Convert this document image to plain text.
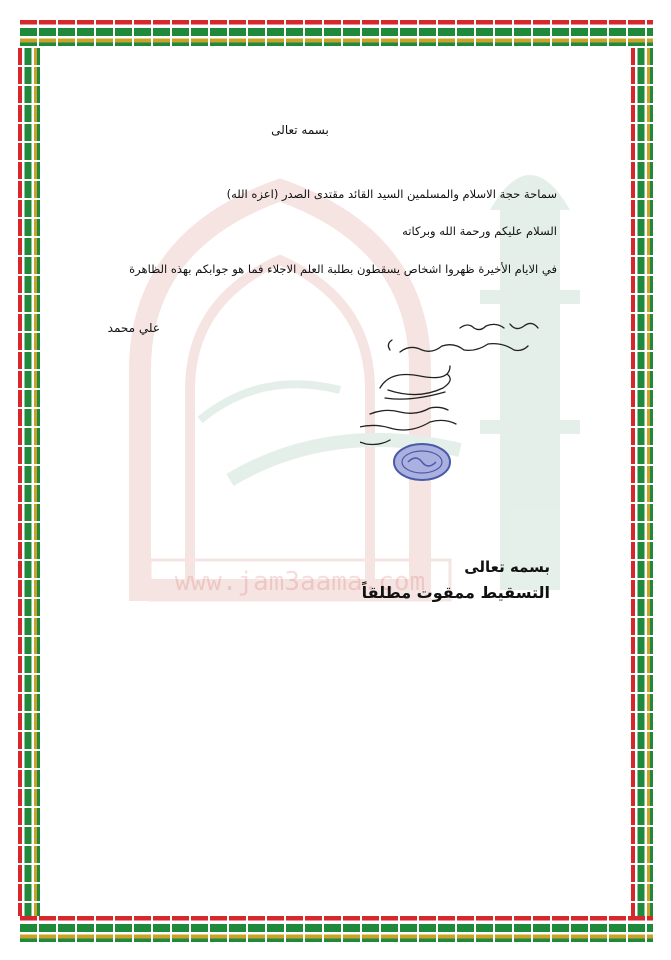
www.jam3aama.com
بسمه تعالى
سماحة حجة الاسلام والمسلمين السيد القائد مقتدى الصدر (اعزه الله)
السلام عليكم ورحمة الله وبركاته
في الايام الأخيرة ظهروا اشخاص يسقطون بطلبة العلم الاجلاء فما هو جوابكم بهذه الظاهرة
علي محمد
بسمه تعالى
التسقيط ممقوت مطلقاً
